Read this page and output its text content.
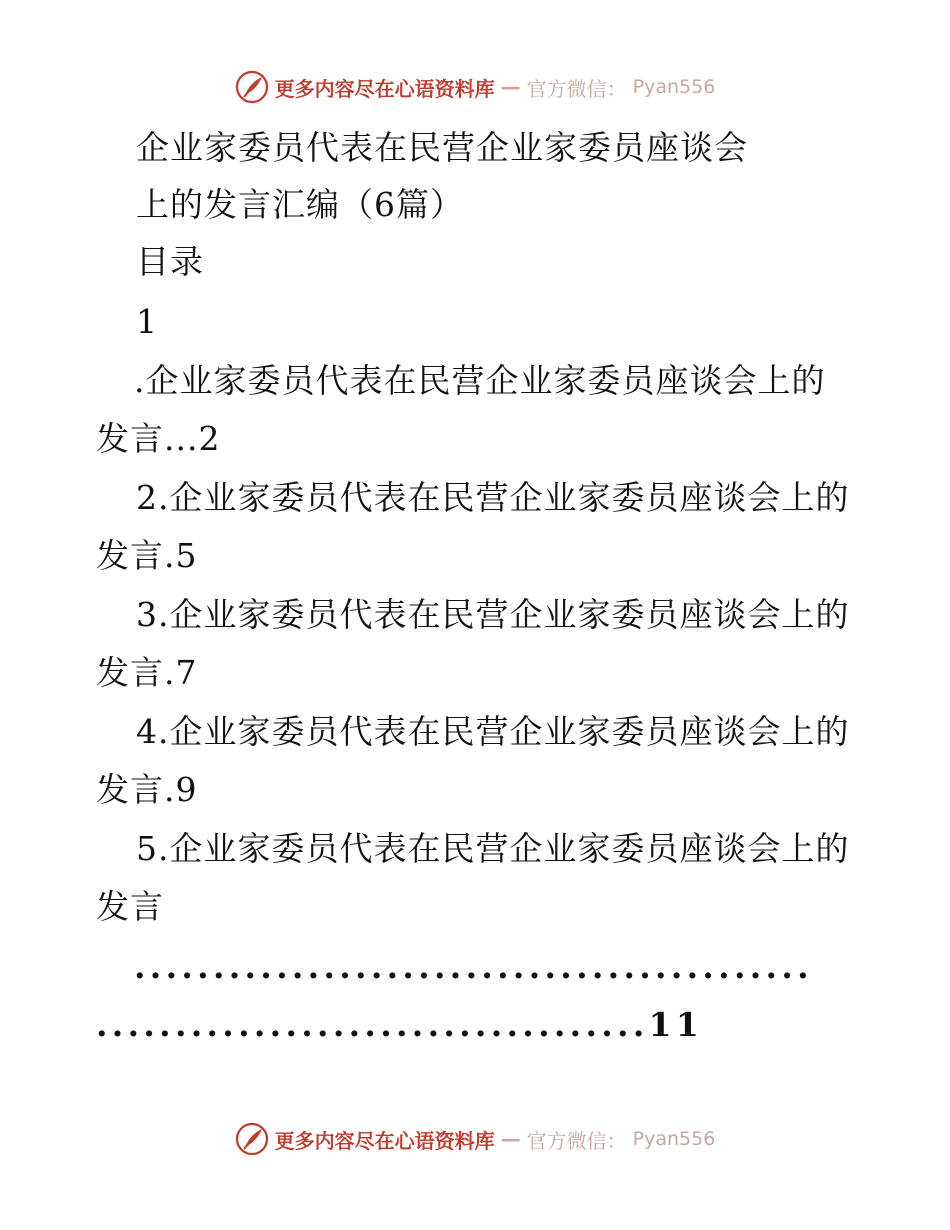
更多内容尽在心语资料库 — 官方微信： Pyan556
企业家委员代表在民营企业家委员座谈会
上的发言汇编（6篇）
目录
1
.企业家委员代表在民营企业家委员座谈会上的
发言...2
2.企业家委员代表在民营企业家委员座谈会上的
发言.5
3.企业家委员代表在民营企业家委员座谈会上的
发言.7
4.企业家委员代表在民营企业家委员座谈会上的
发言.9
5.企业家委员代表在民营企业家委员座谈会上的
发言
...........................................
...................................11
更多内容尽在心语资料库 — 官方微信： Pyan556
